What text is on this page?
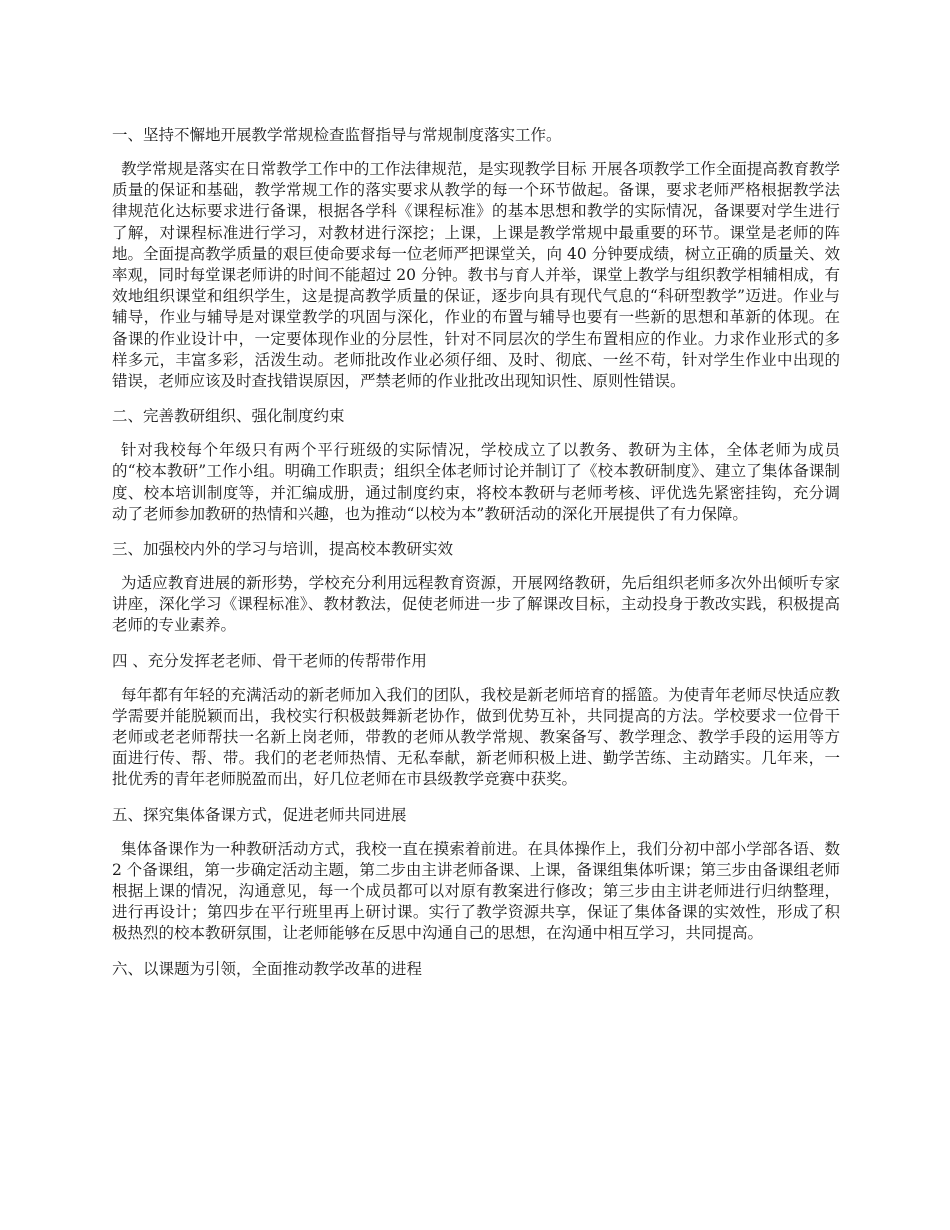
一、坚持不懈地开展教学常规检查监督指导与常规制度落实工作。
教学常规是落实在日常教学工作中的工作法律规范，是实现教学目标 开展各项教学工作全面提高教育教学质量的保证和基础，教学常规工作的落实要求从教学的每一个环节做起。备课，要求老师严格根据教学法律规范化达标要求进行备课，根据各学科《课程标准》的基本思想和教学的实际情况，备课要对学生进行了解，对课程标准进行学习，对教材进行深挖；上课，上课是教学常规中最重要的环节。课堂是老师的阵地。全面提高教学质量的艰巨使命要求每一位老师严把课堂关，向 40 分钟要成绩，树立正确的质量关、效率观，同时每堂课老师讲的时间不能超过 20 分钟。教书与育人并举，课堂上教学与组织教学相辅相成，有效地组织课堂和组织学生，这是提高教学质量的保证，逐步向具有现代气息的“科研型教学”迈进。作业与辅导，作业与辅导是对课堂教学的巩固与深化，作业的布置与辅导也要有一些新的思想和革新的体现。在备课的作业设计中，一定要体现作业的分层性，针对不同层次的学生布置相应的作业。力求作业形式的多样多元，丰富多彩，活泼生动。老师批改作业必须仔细、及时、彻底、一丝不苟，针对学生作业中出现的错误，老师应该及时查找错误原因，严禁老师的作业批改出现知识性、原则性错误。
二、完善教研组织、强化制度约束
针对我校每个年级只有两个平行班级的实际情况，学校成立了以教务、教研为主体，全体老师为成员的“校本教研”工作小组。明确工作职责；组织全体老师讨论并制订了《校本教研制度》、建立了集体备课制度、校本培训制度等，并汇编成册，通过制度约束，将校本教研与老师考核、评优选先紧密挂钩，充分调动了老师参加教研的热情和兴趣，也为推动“以校为本”教研活动的深化开展提供了有力保障。
三、加强校内外的学习与培训，提高校本教研实效
为适应教育进展的新形势，学校充分利用远程教育资源，开展网络教研，先后组织老师多次外出倾听专家讲座，深化学习《课程标准》、教材教法，促使老师进一步了解课改目标，主动投身于教改实践，积极提高老师的专业素养。
四 、充分发挥老老师、骨干老师的传帮带作用
每年都有年轻的充满活动的新老师加入我们的团队，我校是新老师培育的摇篮。为使青年老师尽快适应教学需要并能脱颖而出，我校实行积极鼓舞新老协作，做到优势互补，共同提高的方法。学校要求一位骨干老师或老老师帮扶一名新上岗老师，带教的老师从教学常规、教案备写、教学理念、教学手段的运用等方面进行传、帮、带。我们的老老师热情、无私奉献，新老师积极上进、勤学苦练、主动踏实。几年来，一批优秀的青年老师脱盈而出，好几位老师在市县级教学竞赛中获奖。
五、探究集体备课方式，促进老师共同进展
集体备课作为一种教研活动方式，我校一直在摸索着前进。在具体操作上，我们分初中部小学部各语、数 2 个备课组，第一步确定活动主题，第二步由主讲老师备课、上课，备课组集体听课；第三步由备课组老师根据上课的情况，沟通意见，每一个成员都可以对原有教案进行修改；第三步由主讲老师进行归纳整理，进行再设计；第四步在平行班里再上研讨课。实行了教学资源共享，保证了集体备课的实效性，形成了积极热烈的校本教研氛围，让老师能够在反思中沟通自己的思想，在沟通中相互学习，共同提高。
六、以课题为引领，全面推动教学改革的进程
